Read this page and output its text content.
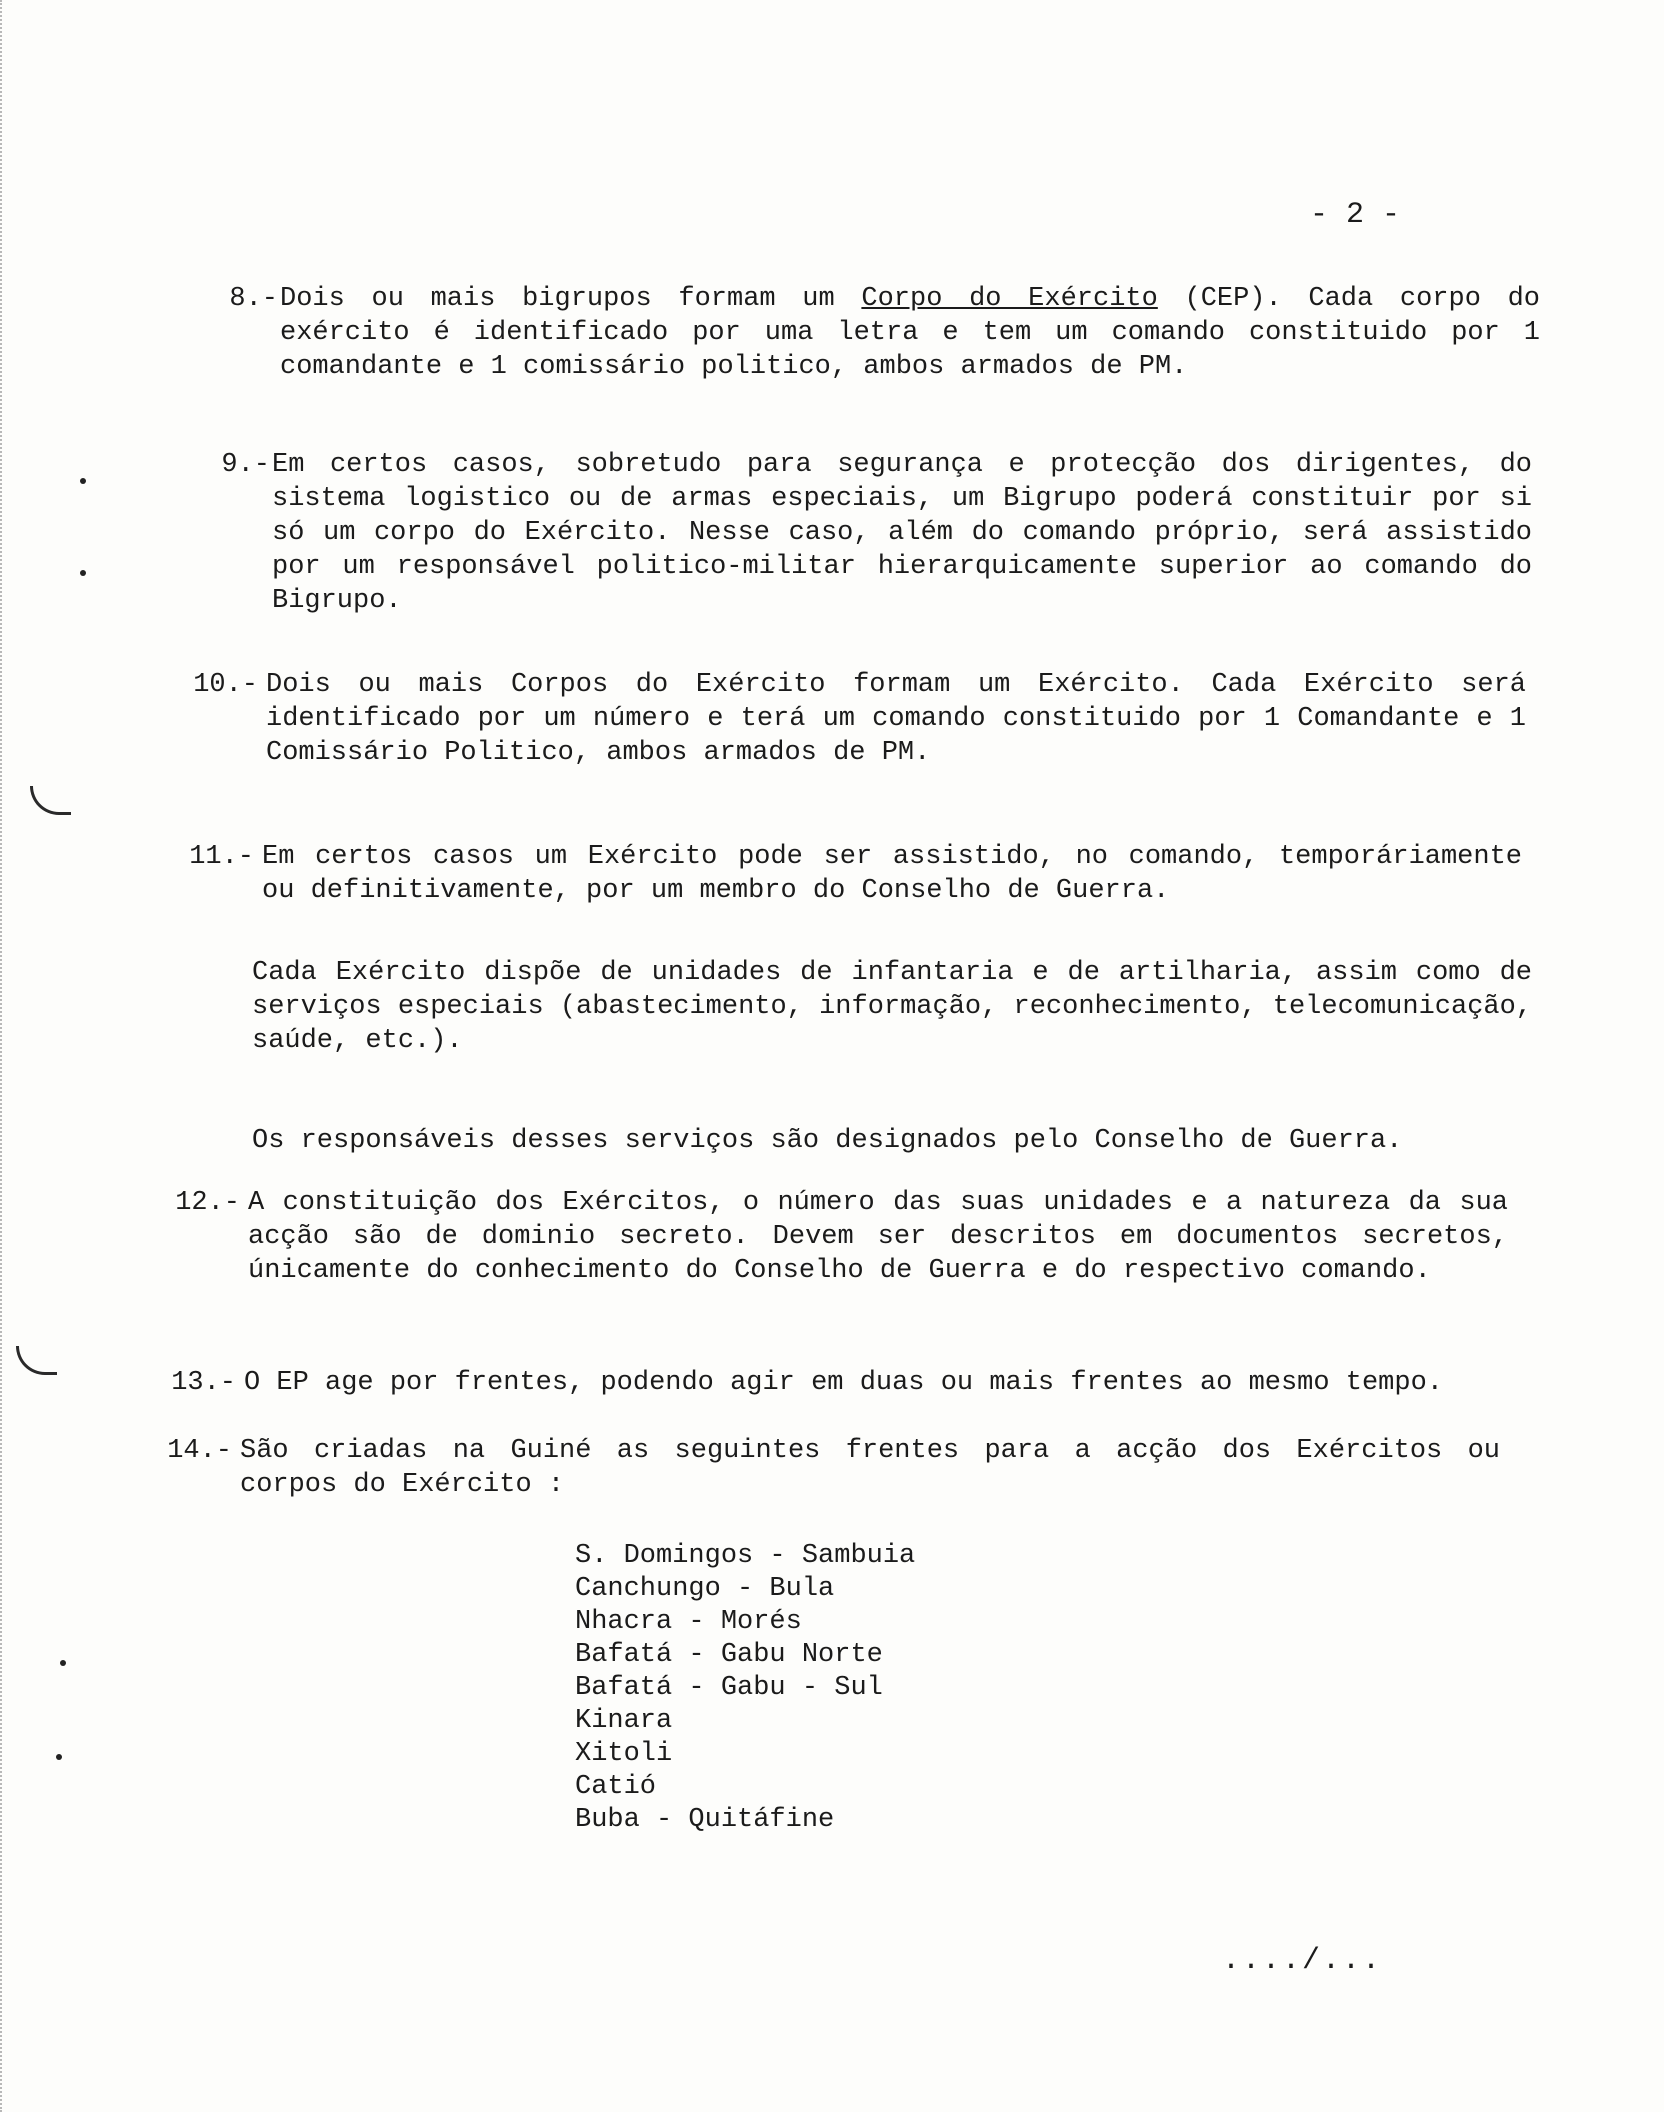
- 2 -
8.- Dois ou mais bigrupos formam um Corpo do Exército (CEP). Cada corpo do exército é identificado por uma letra e tem um comando constituido por 1 comandante e 1 comissário politico, ambos armados de PM.
9.- Em certos casos, sobretudo para segurança e protecção dos dirigentes, do sistema logistico ou de armas especiais, um Bigrupo poderá constituir por si só um corpo do Exército. Nesse caso, além do comando próprio, será assistido por um responsável politico-militar hierarquicamente superior ao comando do Bigrupo.
10.- Dois ou mais Corpos do Exército formam um Exército. Cada Exército será identificado por um número e terá um comando constituido por 1 Comandante e 1 Comissário Politico, ambos armados de PM.
11.- Em certos casos um Exército pode ser assistido, no comando, temporáriamente ou definitivamente, por um membro do Conselho de Guerra.
Cada Exército dispõe de unidades de infantaria e de artilharia, assim como de serviços especiais (abastecimento, informação, reconhecimento, telecomunicação, saúde, etc.).
Os responsáveis desses serviços são designados pelo Conselho de Guerra.
12.- A constituição dos Exércitos, o número das suas unidades e a natureza da sua acção são de dominio secreto. Devem ser descritos em documentos secretos, únicamente do conhecimento do Conselho de Guerra e do respectivo comando.
13.- O EP age por frentes, podendo agir em duas ou mais frentes ao mesmo tempo.
14.- São criadas na Guiné as seguintes frentes para a acção dos Exércitos ou corpos do Exército :
S. Domingos - Sambuia
Canchungo - Bula
Nhacra - Morés
Bafatá - Gabu Norte
Bafatá - Gabu - Sul
Kinara
Xitoli
Catió
Buba - Quitáfine
..../...
